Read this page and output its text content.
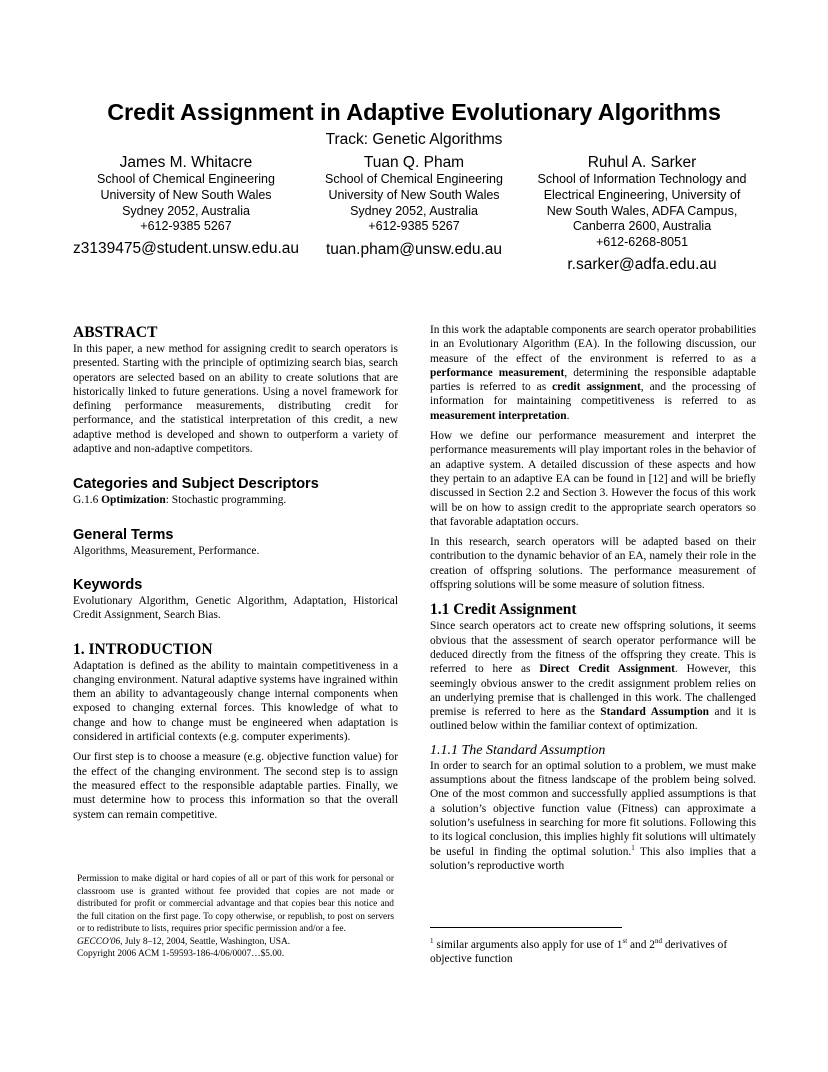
Credit Assignment in Adaptive Evolutionary Algorithms
Track: Genetic Algorithms
James M. Whitacre
School of Chemical Engineering
University of New South Wales
Sydney 2052, Australia
+612-9385 5267
z3139475@student.unsw.edu.au
Tuan Q. Pham
School of Chemical Engineering
University of New South Wales
Sydney 2052, Australia
+612-9385 5267
tuan.pham@unsw.edu.au
Ruhul A. Sarker
School of Information Technology and
Electrical Engineering, University of
New South Wales, ADFA Campus,
Canberra 2600, Australia
+612-6268-8051
r.sarker@adfa.edu.au
ABSTRACT

In this paper, a new method for assigning credit to search operators is presented. Starting with the principle of optimizing search bias, search operators are selected based on an ability to create solutions that are historically linked to future generations. Using a novel framework for defining performance measurements, distributing credit for performance, and the statistical interpretation of this credit, a new adaptive method is developed and shown to outperform a variety of adaptive and non-adaptive competitors.

Categories and Subject Descriptors

G.1.6 Optimization: Stochastic programming.

General Terms

Algorithms, Measurement, Performance.

Keywords

Evolutionary Algorithm, Genetic Algorithm, Adaptation, Historical Credit Assignment, Search Bias.

1. INTRODUCTION

Adaptation is defined as the ability to maintain competitiveness in a changing environment. Natural adaptive systems have ingrained within them an ability to advantageously change internal components when exposed to changing external forces. This knowledge of what to change and how to change must be engineered when adaptation is considered in artificial contexts (e.g. computer experiments).

Our first step is to choose a measure (e.g. objective function value) for the effect of the changing environment. The second step is to assign the measured effect to the responsible adaptable parties. Finally, we must determine how to process this information so that the overall system can remain competitive.

Permission to make digital or hard copies of all or part of this work for personal or classroom use is granted without fee provided that copies are not made or distributed for profit or commercial advantage and that copies bear this notice and the full citation on the first page. To copy otherwise, or republish, to post on servers or to redistribute to lists, requires prior specific permission and/or a fee.
GECCO'06, July 8–12, 2004, Seattle, Washington, USA.
Copyright 2006 ACM 1-59593-186-4/06/0007…$5.00.

In this work the adaptable components are search operator probabilities in an Evolutionary Algorithm (EA). In the following discussion, our measure of the effect of the environment is referred to as a performance measurement, determining the responsible adaptable parties is referred to as credit assignment, and the processing of information for maintaining competitiveness is referred to as measurement interpretation.

How we define our performance measurement and interpret the performance measurements will play important roles in the behavior of an adaptive system. A detailed discussion of these aspects and how they pertain to an adaptive EA can be found in [12] and will be briefly discussed in Section 2.2 and Section 3. However the focus of this work will be on how to assign credit to the appropriate search operators so that favorable adaptation occurs.

In this research, search operators will be adapted based on their contribution to the dynamic behavior of an EA, namely their role in the creation of offspring solutions. The performance measurement of offspring solutions will be some measure of solution fitness.

1.1 Credit Assignment

Since search operators act to create new offspring solutions, it seems obvious that the assessment of search operator performance will be deduced directly from the fitness of the offspring they create. This is referred to here as Direct Credit Assignment. However, this seemingly obvious answer to the credit assignment problem relies on an underlying premise that is challenged in this work. The challenged premise is referred to here as the Standard Assumption and it is outlined below within the familiar context of optimization.

1.1.1 The Standard Assumption

In order to search for an optimal solution to a problem, we must make assumptions about the fitness landscape of the problem being solved. One of the most common and successfully applied assumptions is that a solution’s objective function value (Fitness) can approximate a solution’s usefulness in searching for more fit solutions. Following this to its logical conclusion, this implies highly fit solutions will ultimately be useful in finding the optimal solution.$^1$ This also implies that a solution’s reproductive worth

$^1$ similar arguments also apply for use of 1st and 2nd derivatives of objective function
